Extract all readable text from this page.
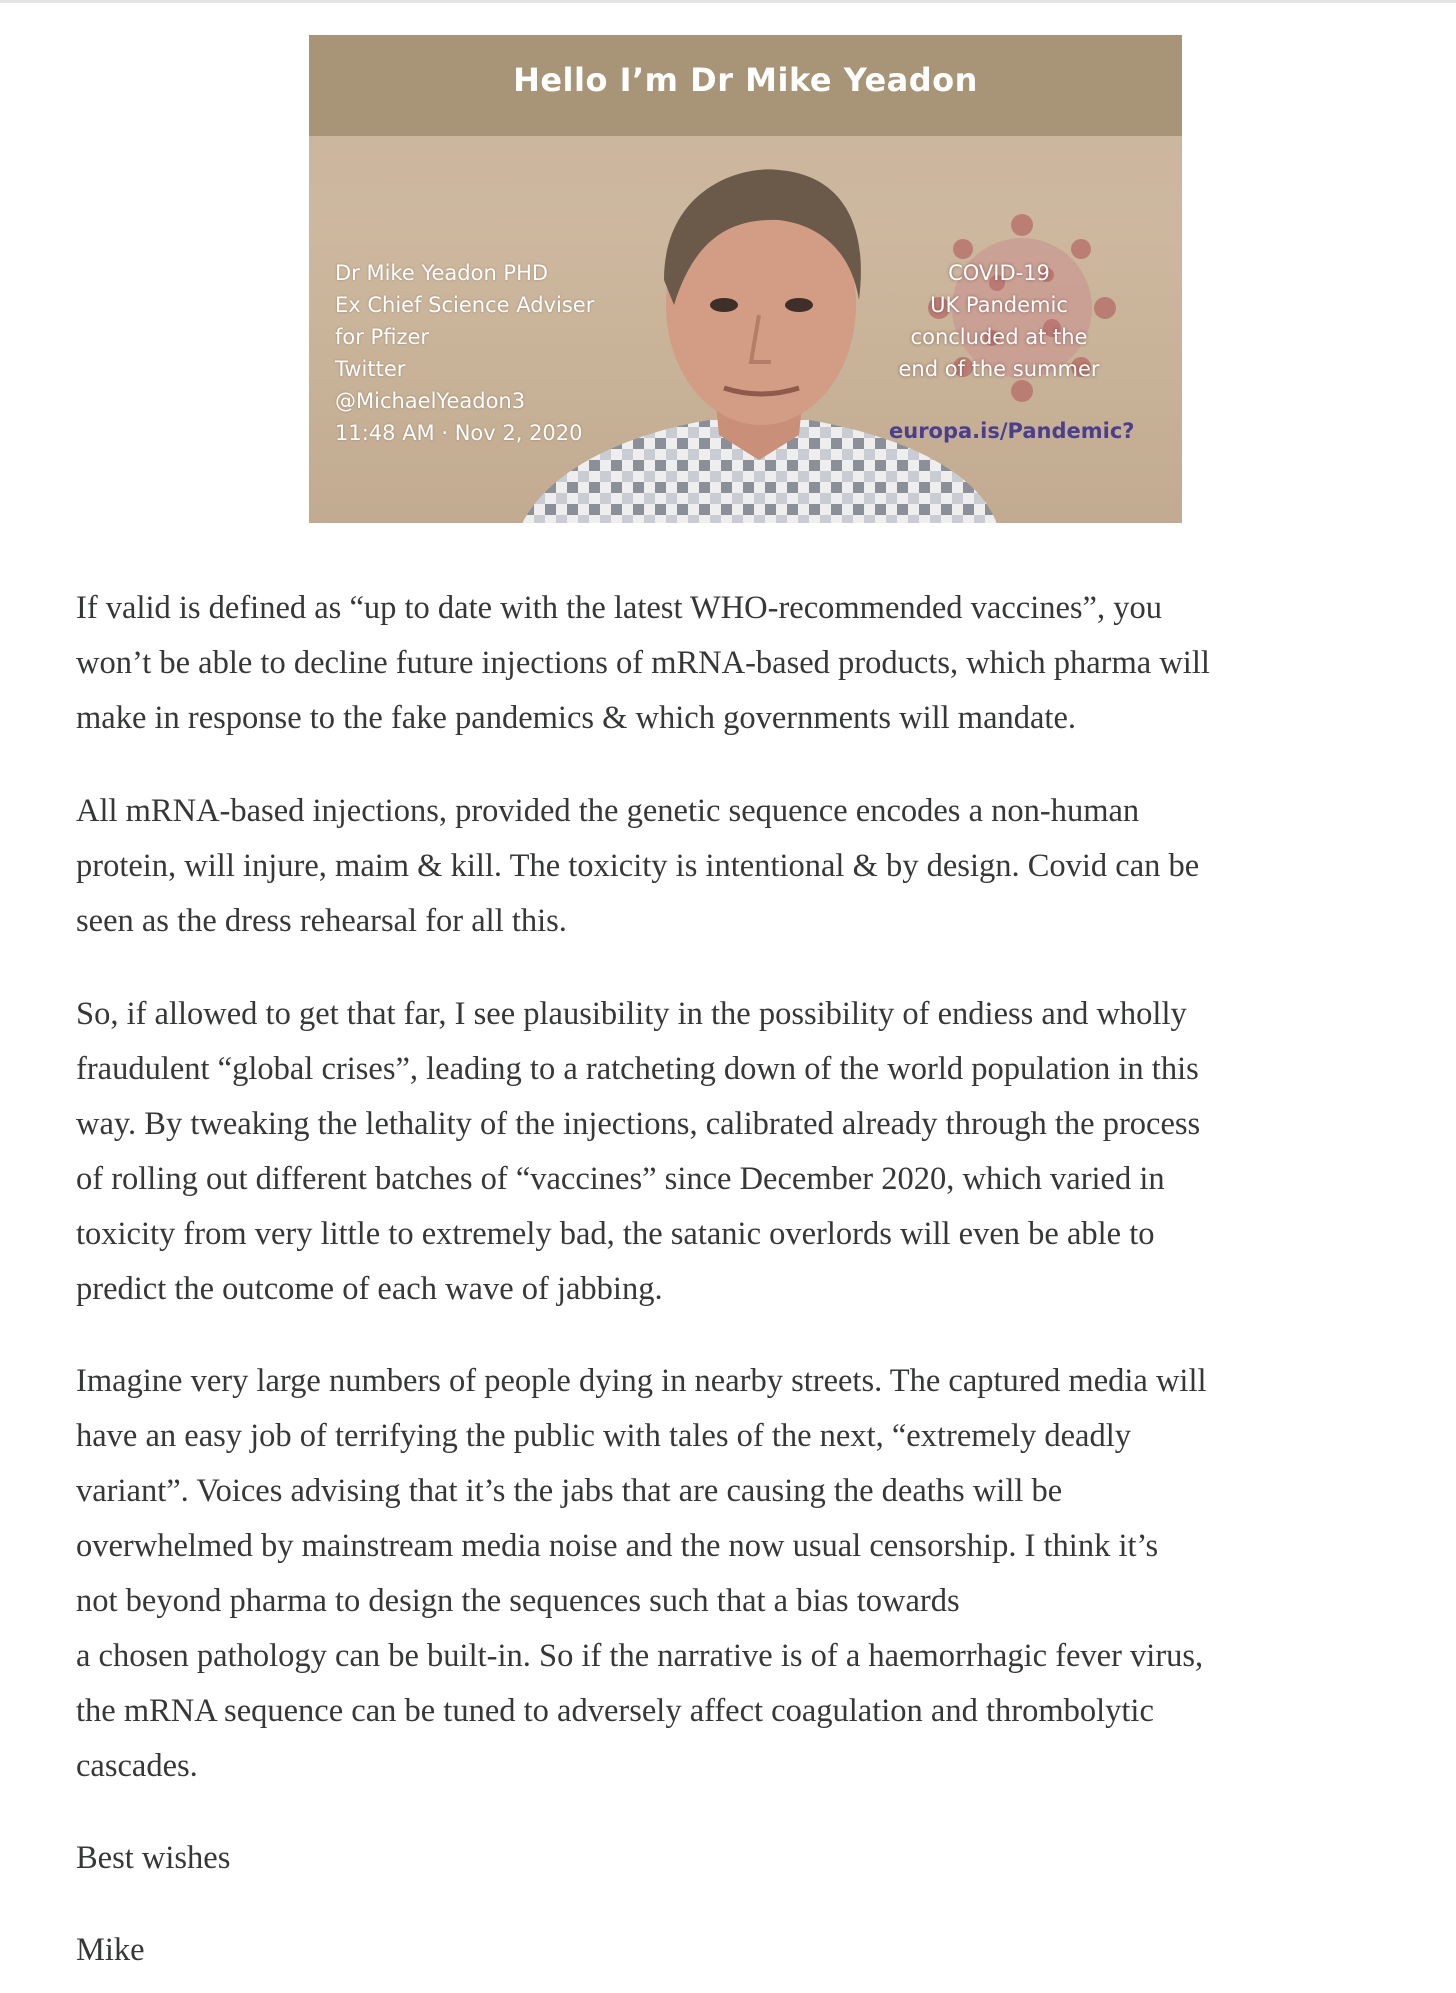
Hello I’m Dr Mike Yeadon
Dr Mike Yeadon PHD
Ex Chief Science Adviser
for Pfizer
Twitter
@MichaelYeadon3
11:48 AM · Nov 2, 2020
COVID-19
UK Pandemic
concluded at the
end of the summer
europa.is/Pandemic?

If valid is defined as “up to date with the latest WHO-recommended vaccines”, you
won’t be able to decline future injections of mRNA-based products, which pharma will
make in response to the fake pandemics & which governments will mandate.

All mRNA-based injections, provided the genetic sequence encodes a non-human
protein, will injure, maim & kill. The toxicity is intentional & by design. Covid can be
seen as the dress rehearsal for all this.

So, if allowed to get that far, I see plausibility in the possibility of endiess and wholly
fraudulent “global crises”, leading to a ratcheting down of the world population in this
way. By tweaking the lethality of the injections, calibrated already through the process
of rolling out different batches of “vaccines” since December 2020, which varied in
toxicity from very little to extremely bad, the satanic overlords will even be able to
predict the outcome of each wave of jabbing.

Imagine very large numbers of people dying in nearby streets. The captured media will
have an easy job of terrifying the public with tales of the next, “extremely deadly
variant”. Voices advising that it’s the jabs that are causing the deaths will be
overwhelmed by mainstream media noise and the now usual censorship. I think it’s
not beyond pharma to design the sequences such that a bias towards
a chosen pathology can be built-in. So if the narrative is of a haemorrhagic fever virus,
the mRNA sequence can be tuned to adversely affect coagulation and thrombolytic
cascades.

Best wishes

Mike
